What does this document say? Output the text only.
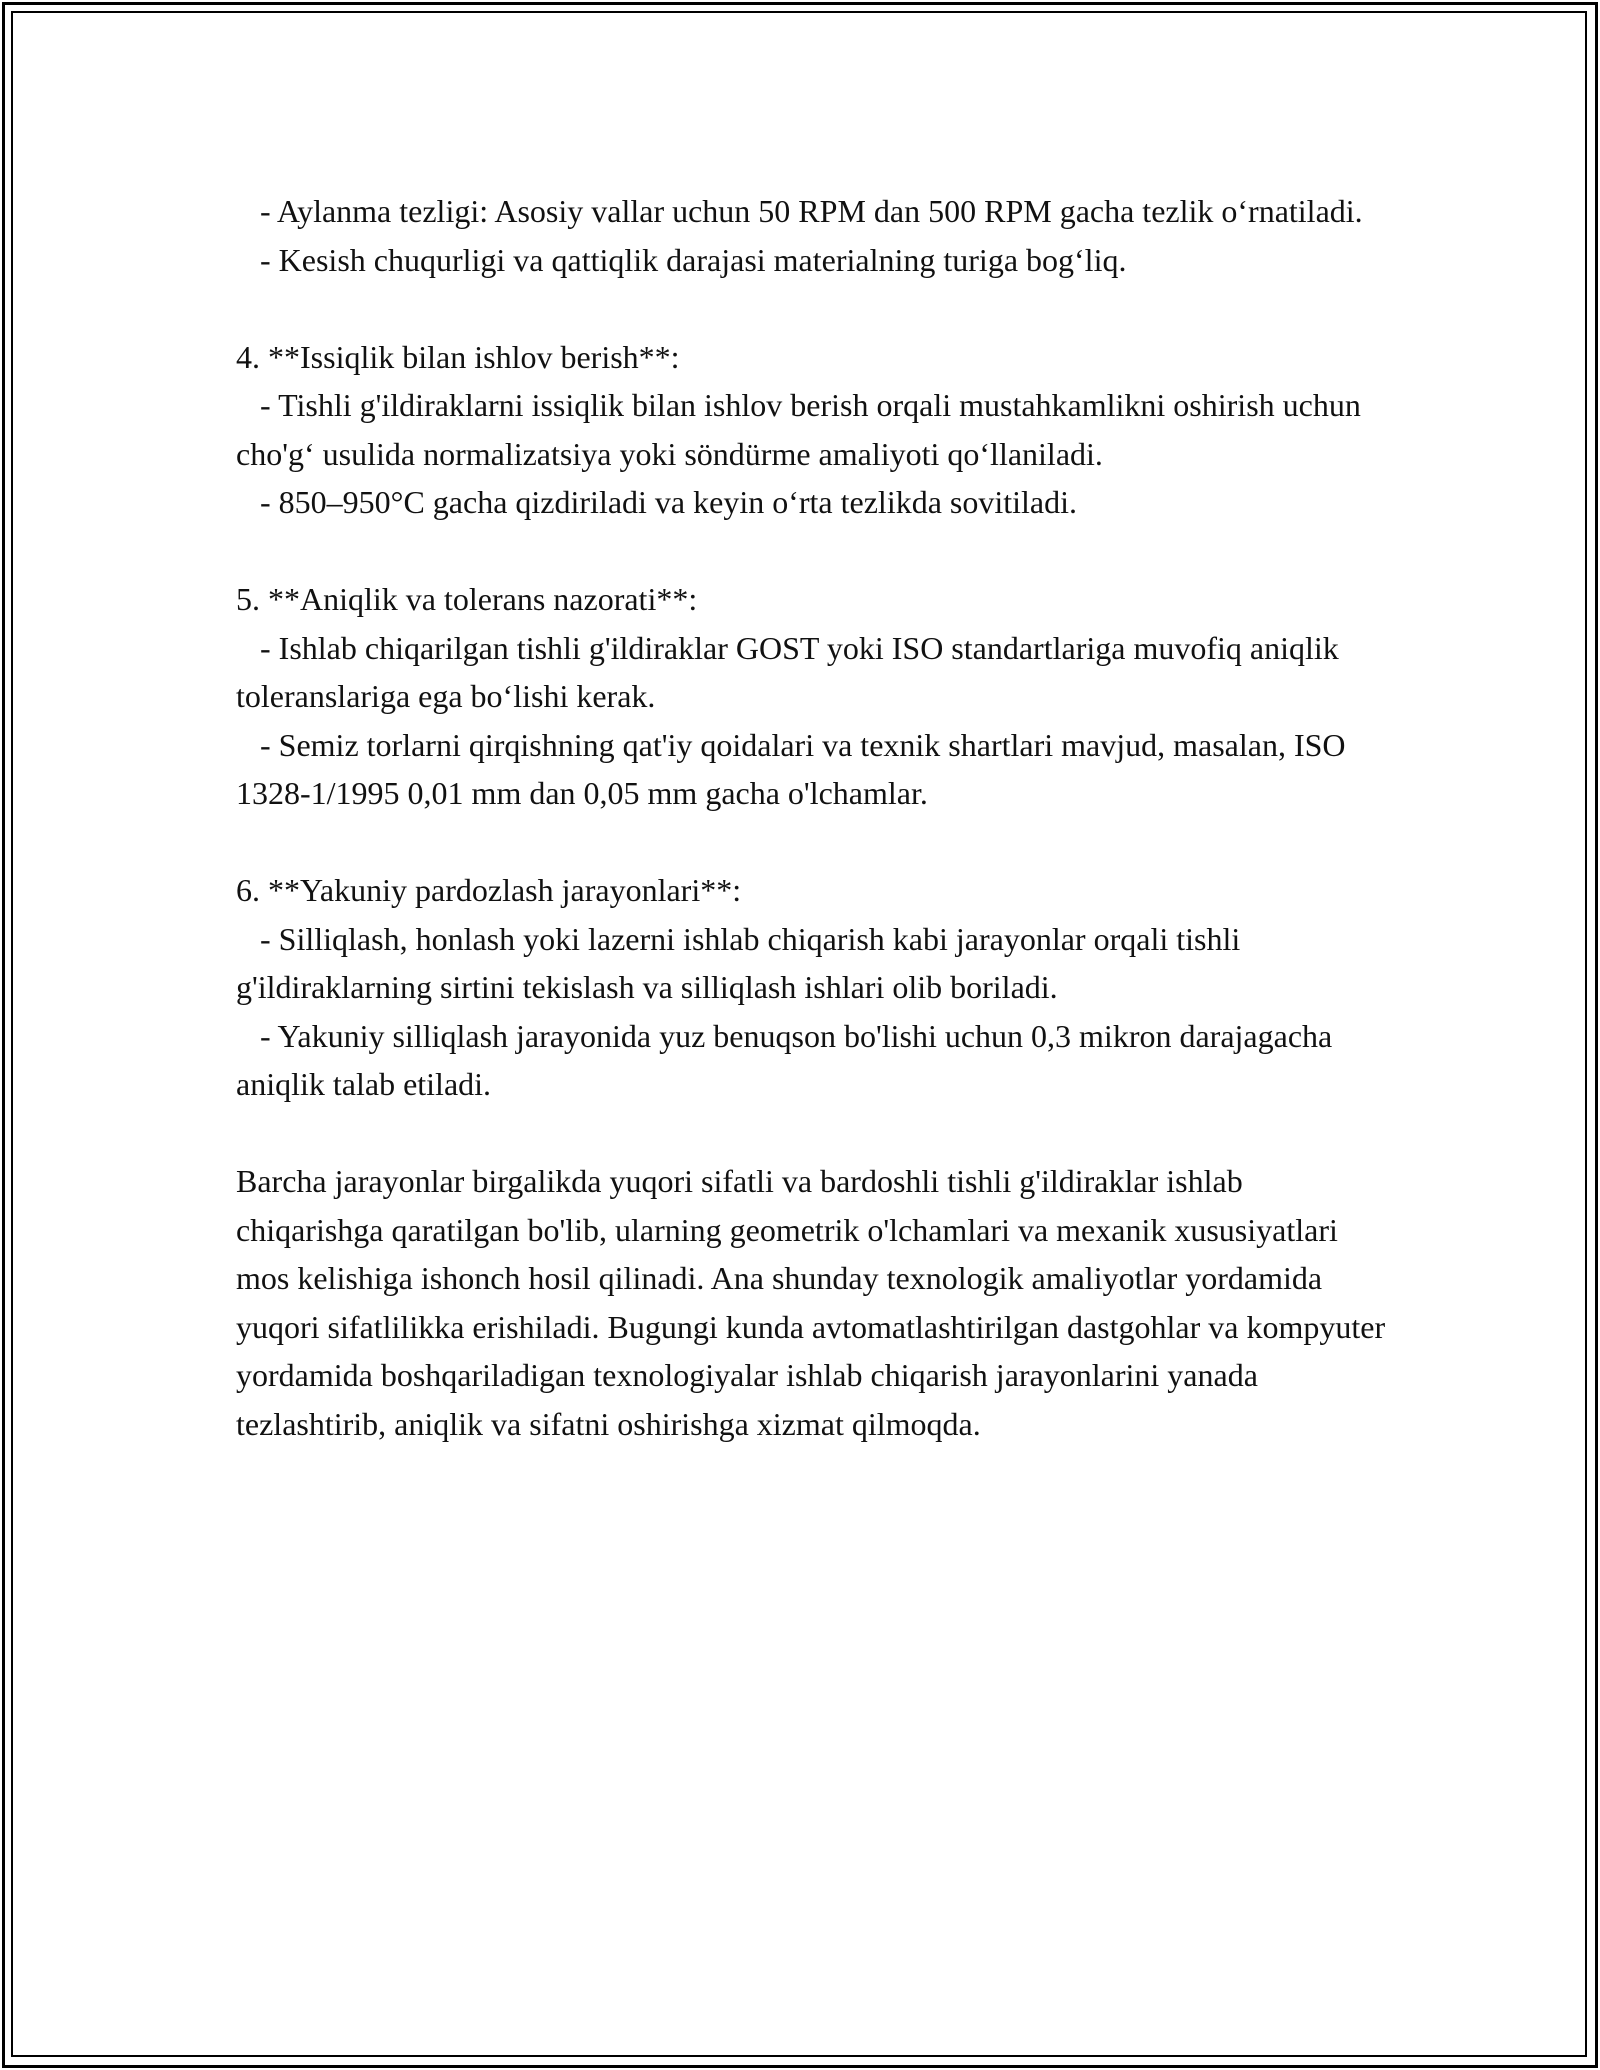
- Aylanma tezligi: Asosiy vallar uchun 50 RPM dan 500 RPM gacha tezlik o‘rnatiladi.

- Kesish chuqurligi va qattiqlik darajasi materialning turiga bog‘liq.

4. **Issiqlik bilan ishlov berish**:

- Tishli g'ildiraklarni issiqlik bilan ishlov berish orqali mustahkamlikni oshirish uchun cho'g‘ usulida normalizatsiya yoki söndürme amaliyoti qo‘llaniladi.

- 850–950°C gacha qizdiriladi va keyin o‘rta tezlikda sovitiladi.

5. **Aniqlik va tolerans nazorati**:

- Ishlab chiqarilgan tishli g'ildiraklar GOST yoki ISO standartlariga muvofiq aniqlik toleranslariga ega bo‘lishi kerak.

- Semiz torlarni qirqishning qat'iy qoidalari va texnik shartlari mavjud, masalan, ISO 1328-1/1995 0,01 mm dan 0,05 mm gacha o'lchamlar.

6. **Yakuniy pardozlash jarayonlari**:

- Silliqlash, honlash yoki lazerni ishlab chiqarish kabi jarayonlar orqali tishli g'ildiraklarning sirtini tekislash va silliqlash ishlari olib boriladi.

- Yakuniy silliqlash jarayonida yuz benuqson bo'lishi uchun 0,3 mikron darajagacha aniqlik talab etiladi.

Barcha jarayonlar birgalikda yuqori sifatli va bardoshli tishli g'ildiraklar ishlab chiqarishga qaratilgan bo'lib, ularning geometrik o'lchamlari va mexanik xususiyatlari mos kelishiga ishonch hosil qilinadi. Ana shunday texnologik amaliyotlar yordamida yuqori sifatlilikka erishiladi. Bugungi kunda avtomatlashtirilgan dastgohlar va kompyuter yordamida boshqariladigan texnologiyalar ishlab chiqarish jarayonlarini yanada tezlashtirib, aniqlik va sifatni oshirishga xizmat qilmoqda.
